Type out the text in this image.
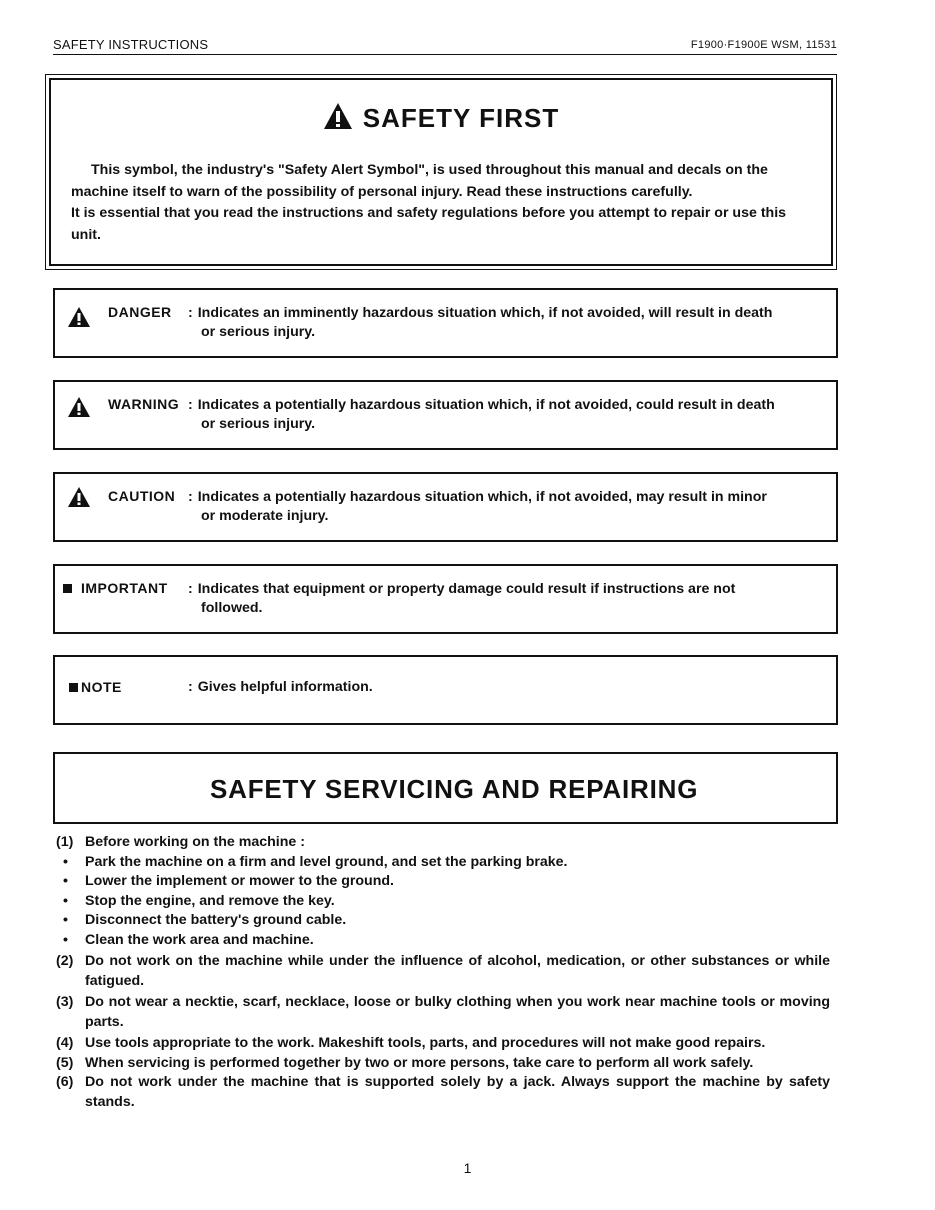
SAFETY INSTRUCTIONS	F1900·F1900E WSM, 11531
SAFETY FIRST

This symbol, the industry's "Safety Alert Symbol", is used throughout this manual and decals on the machine itself to warn of the possibility of personal injury. Read these instructions carefully.

It is essential that you read the instructions and safety regulations before you attempt to repair or use this unit.

DANGER : Indicates an imminently hazardous situation which, if not avoided, will result in death
or serious injury.
WARNING : Indicates a potentially hazardous situation which, if not avoided, could result in death
or serious injury.
CAUTION : Indicates a potentially hazardous situation which, if not avoided, may result in minor
or moderate injury.
IMPORTANT : Indicates that equipment or property damage could result if instructions are not
followed.
NOTE	: Gives helpful information.
SAFETY SERVICING AND REPAIRING
(1) Before working on the machine :
•	Park the machine on a firm and level ground, and set the parking brake.
•	Lower the implement or mower to the ground.
•	Stop the engine, and remove the key.
•	Disconnect the battery's ground cable.
•	Clean the work area and machine.
(2) Do not work on the machine while under the influence of alcohol, medication, or other substances or while fatigued.
(3) Do not wear a necktie, scarf, necklace, loose or bulky clothing when you work near machine tools or moving parts.
(4) Use tools appropriate to the work. Makeshift tools, parts, and procedures will not make good repairs.
(5) When servicing is performed together by two or more persons, take care to perform all work safely.
(6) Do not work under the machine that is supported solely by a jack. Always support the machine by safety stands.
1
